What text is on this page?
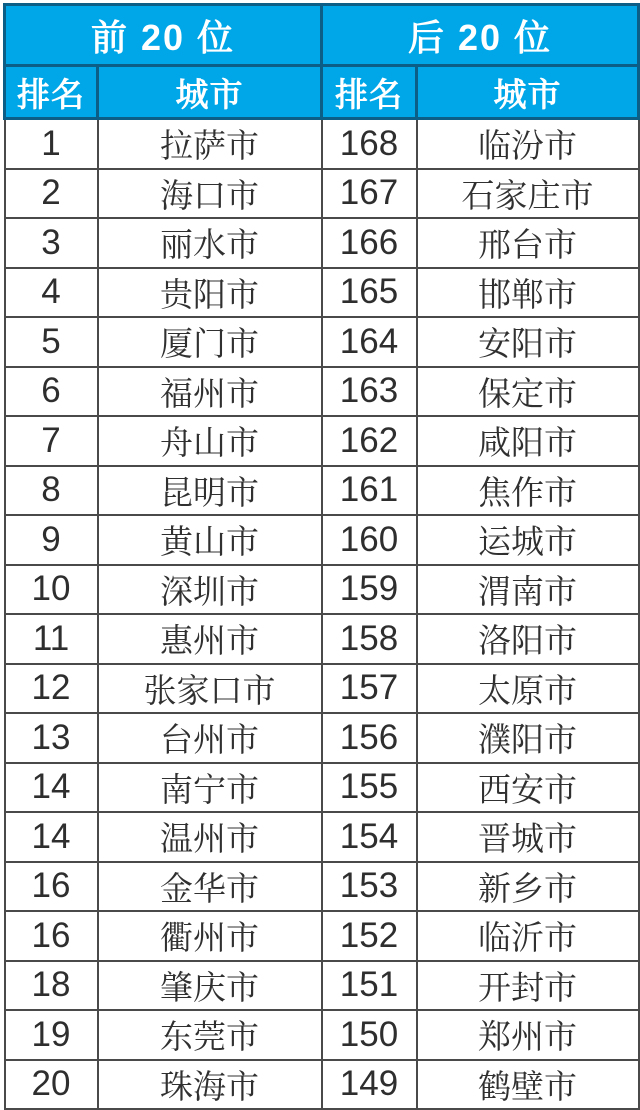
前 20 位		后 20 位	
排名	城市	排名	城市
1	拉萨市	168	临汾市
2	海口市	167	石家庄市
3	丽水市	166	邢台市
4	贵阳市	165	邯郸市
5	厦门市	164	安阳市
6	福州市	163	保定市
7	舟山市	162	咸阳市
8	昆明市	161	焦作市
9	黄山市	160	运城市
10	深圳市	159	渭南市
11	惠州市	158	洛阳市
12	张家口市	157	太原市
13	台州市	156	濮阳市
14	南宁市	155	西安市
14	温州市	154	晋城市
16	金华市	153	新乡市
16	衢州市	152	临沂市
18	肇庆市	151	开封市
19	东莞市	150	郑州市
20	珠海市	149	鹤壁市
